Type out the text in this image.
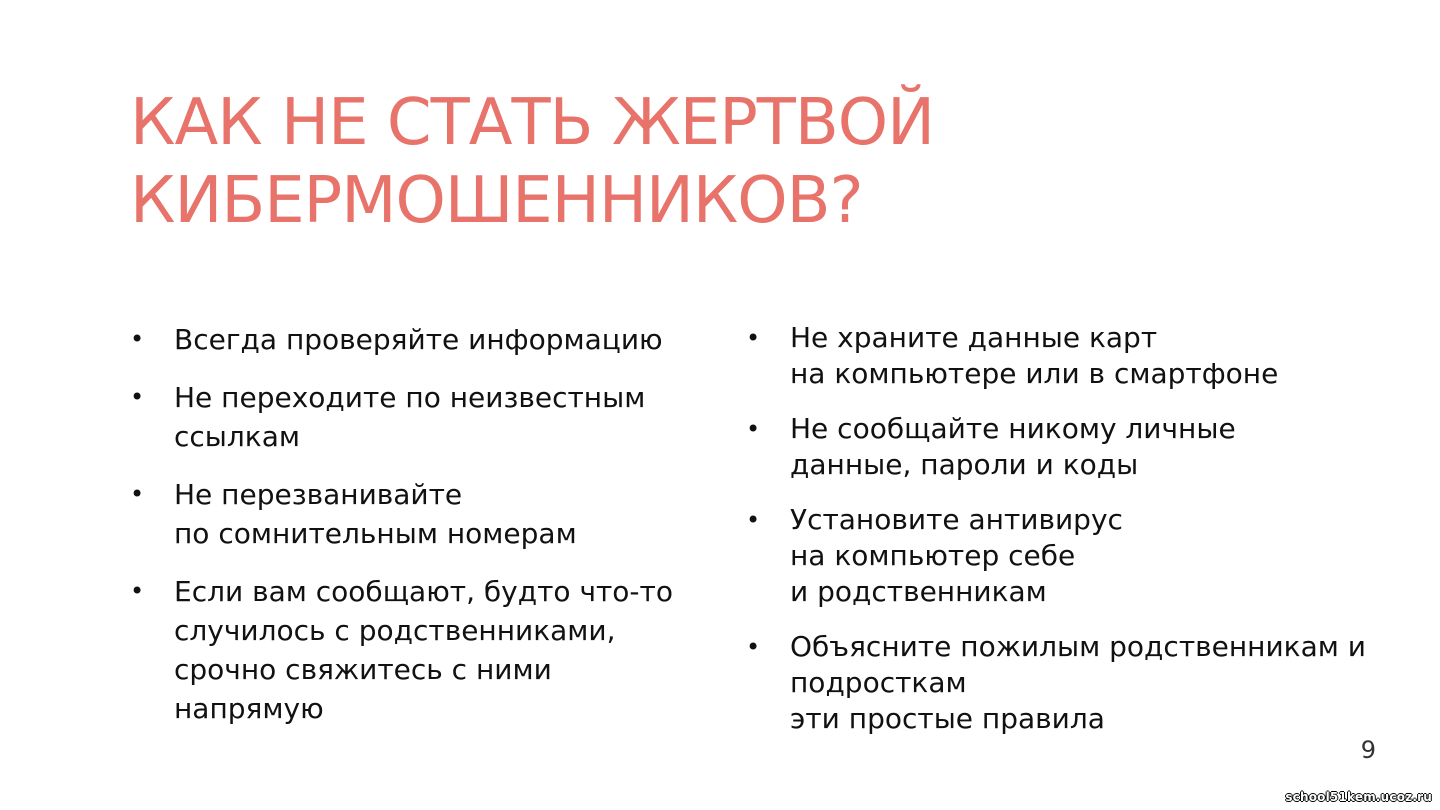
КАК НЕ СТАТЬ ЖЕРТВОЙ
КИБЕРМОШЕННИКОВ?
• Всегда проверяйте информацию
• Не переходите по неизвестным
ссылкам
• Не перезванивайте
по сомнительным номерам
• Если вам сообщают, будто что-то
случилось с родственниками,
срочно свяжитесь с ними
напрямую
• Не храните данные карт
на компьютере или в смартфоне
• Не сообщайте никому личные
данные, пароли и коды
• Установите антивирус
на компьютер себе
и родственникам
• Объясните пожилым родственникам и
подросткам
эти простые правила
9
school51kem.ucoz.ru
